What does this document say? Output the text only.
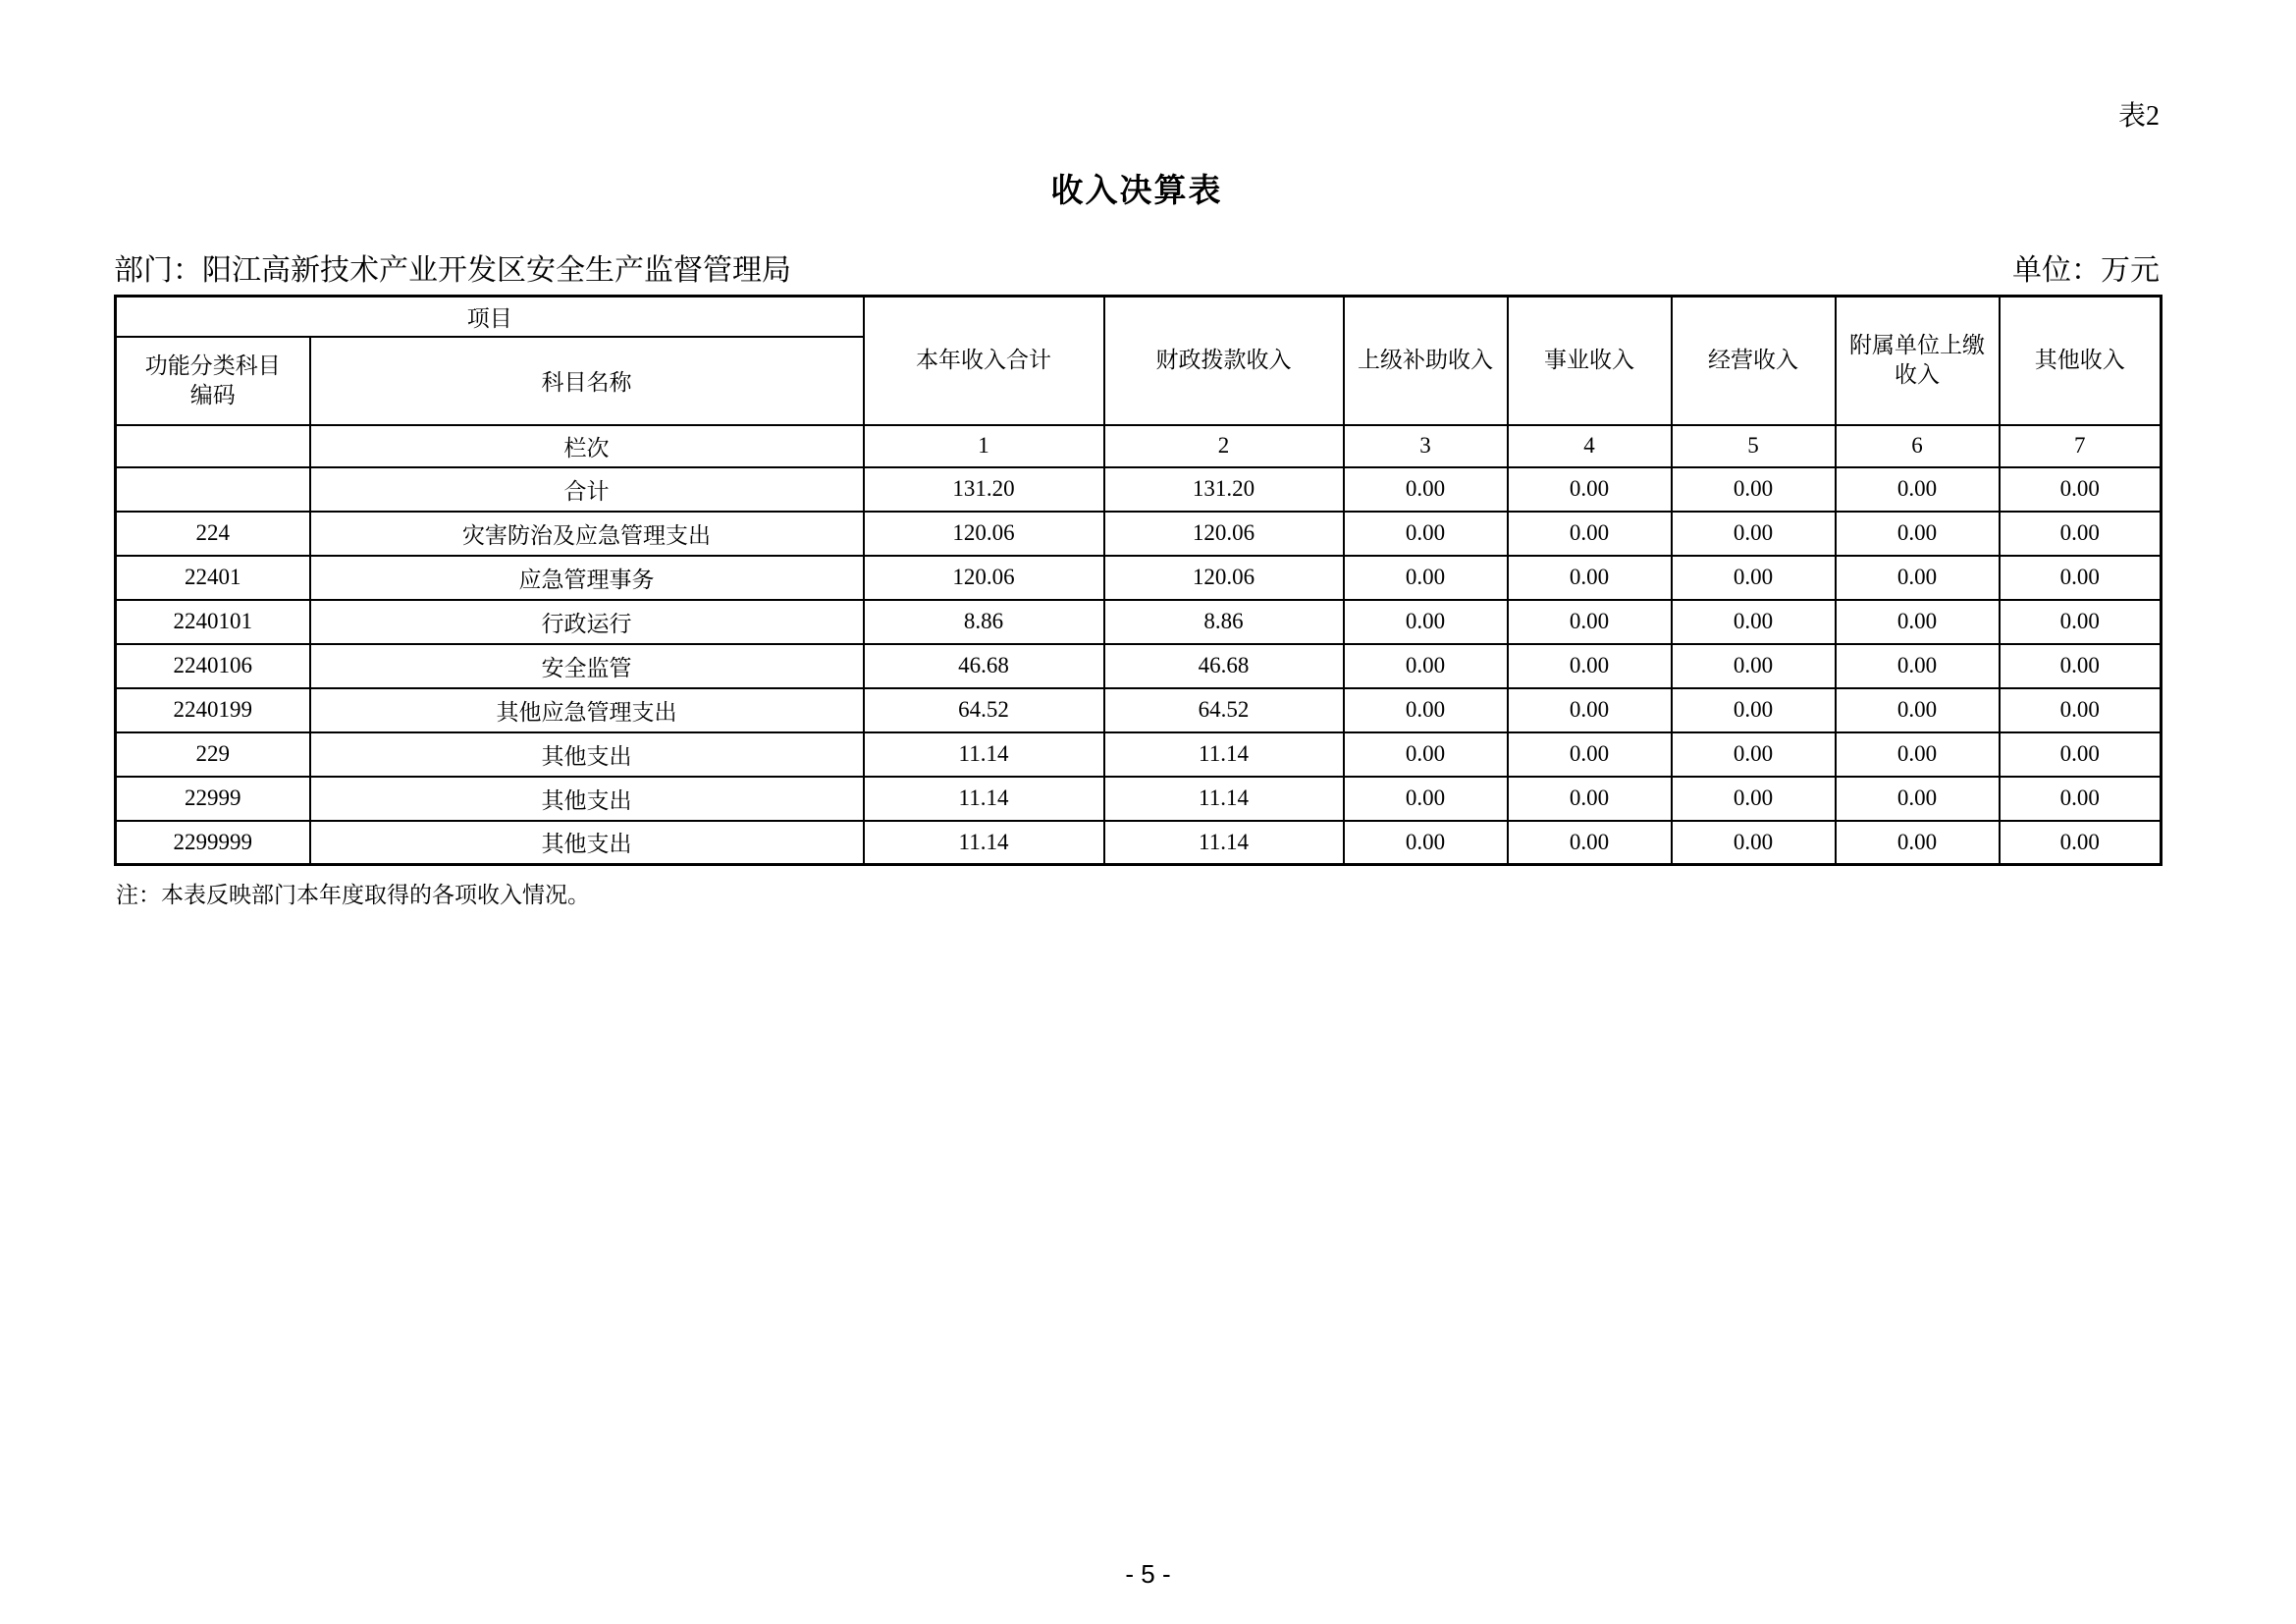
表2
收入决算表
部门：阳江高新技术产业开发区安全生产监督管理局	单位：万元
项目		本年收入合计	财政拨款收入	上级补助收入	事业收入	经营收入	附属单位上缴收入	其他收入
功能分类科目编码	科目名称							
	栏次	1	2	3	4	5	6	7
	合计	131.20	131.20	0.00	0.00	0.00	0.00	0.00
224	灾害防治及应急管理支出	120.06	120.06	0.00	0.00	0.00	0.00	0.00
22401	应急管理事务	120.06	120.06	0.00	0.00	0.00	0.00	0.00
2240101	行政运行	8.86	8.86	0.00	0.00	0.00	0.00	0.00
2240106	安全监管	46.68	46.68	0.00	0.00	0.00	0.00	0.00
2240199	其他应急管理支出	64.52	64.52	0.00	0.00	0.00	0.00	0.00
229	其他支出	11.14	11.14	0.00	0.00	0.00	0.00	0.00
22999	其他支出	11.14	11.14	0.00	0.00	0.00	0.00	0.00
2299999	其他支出	11.14	11.14	0.00	0.00	0.00	0.00	0.00
注：本表反映部门本年度取得的各项收入情况。
- 5 -
